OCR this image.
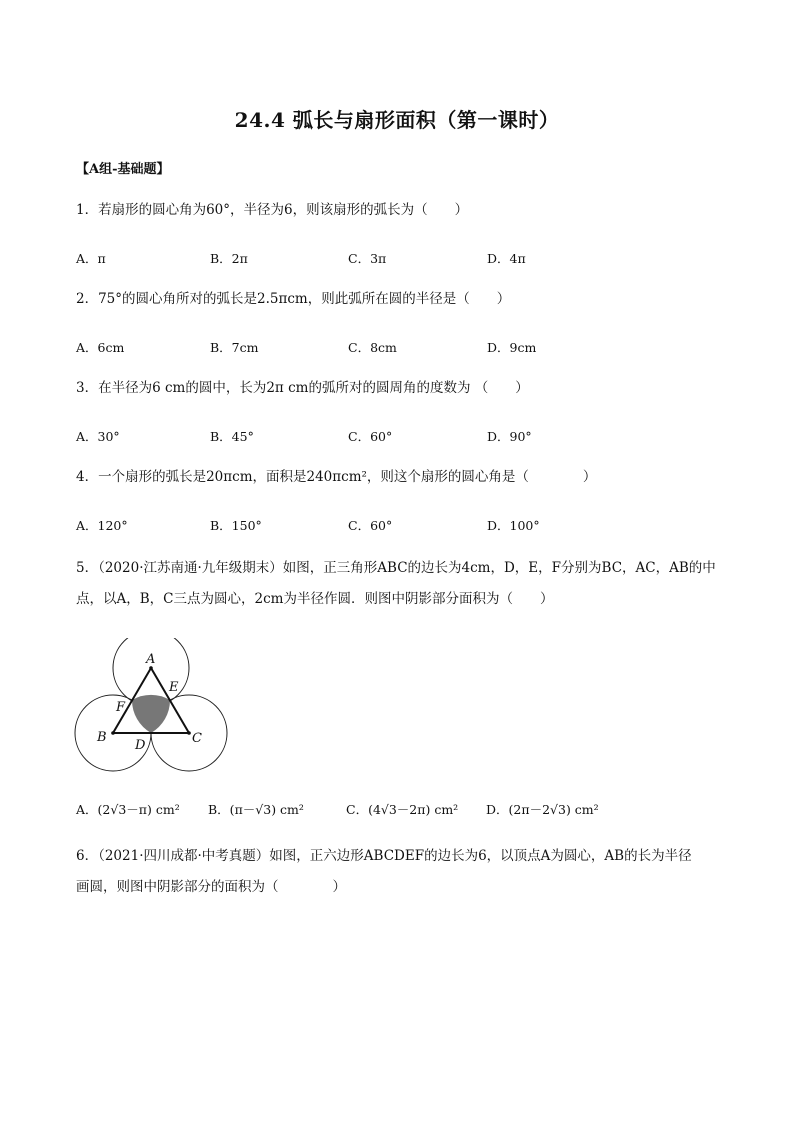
24.4 弧长与扇形面积（第一课时）
【A组-基础题】
1．若扇形的圆心角为60°，半径为6，则该扇形的弧长为（　　）
A．π	B．2π	C．3π	D．4π
2．75°的圆心角所对的弧长是2.5πcm，则此弧所在圆的半径是（　　）
A．6cm	B．7cm	C．8cm	D．9cm
3．在半径为6 cm的圆中，长为2π cm的弧所对的圆周角的度数为 （　　）
A．30°	B．45°	C．60°	D．90°
4．一个扇形的弧长是20πcm，面积是240πcm²，则这个扇形的圆心角是（　　　　）
A．120°	B．150°	C．60°	D．100°
5．（2020·江苏南通·九年级期末）如图，正三角形ABC的边长为4cm，D，E，F分别为BC，AC，AB的中
点，以A，B，C三点为圆心，2cm为半径作圆．则图中阴影部分面积为（　　）
A
B	C
D
E
F
A．(2√3－π) cm² B．(π－√3) cm²	C．(4√3－2π) cm² D．(2π－2√3) cm²
6．（2021·四川成都·中考真题）如图，正六边形ABCDEF的边长为6，以顶点A为圆心，AB的长为半径
画圆，则图中阴影部分的面积为（　　　　）
